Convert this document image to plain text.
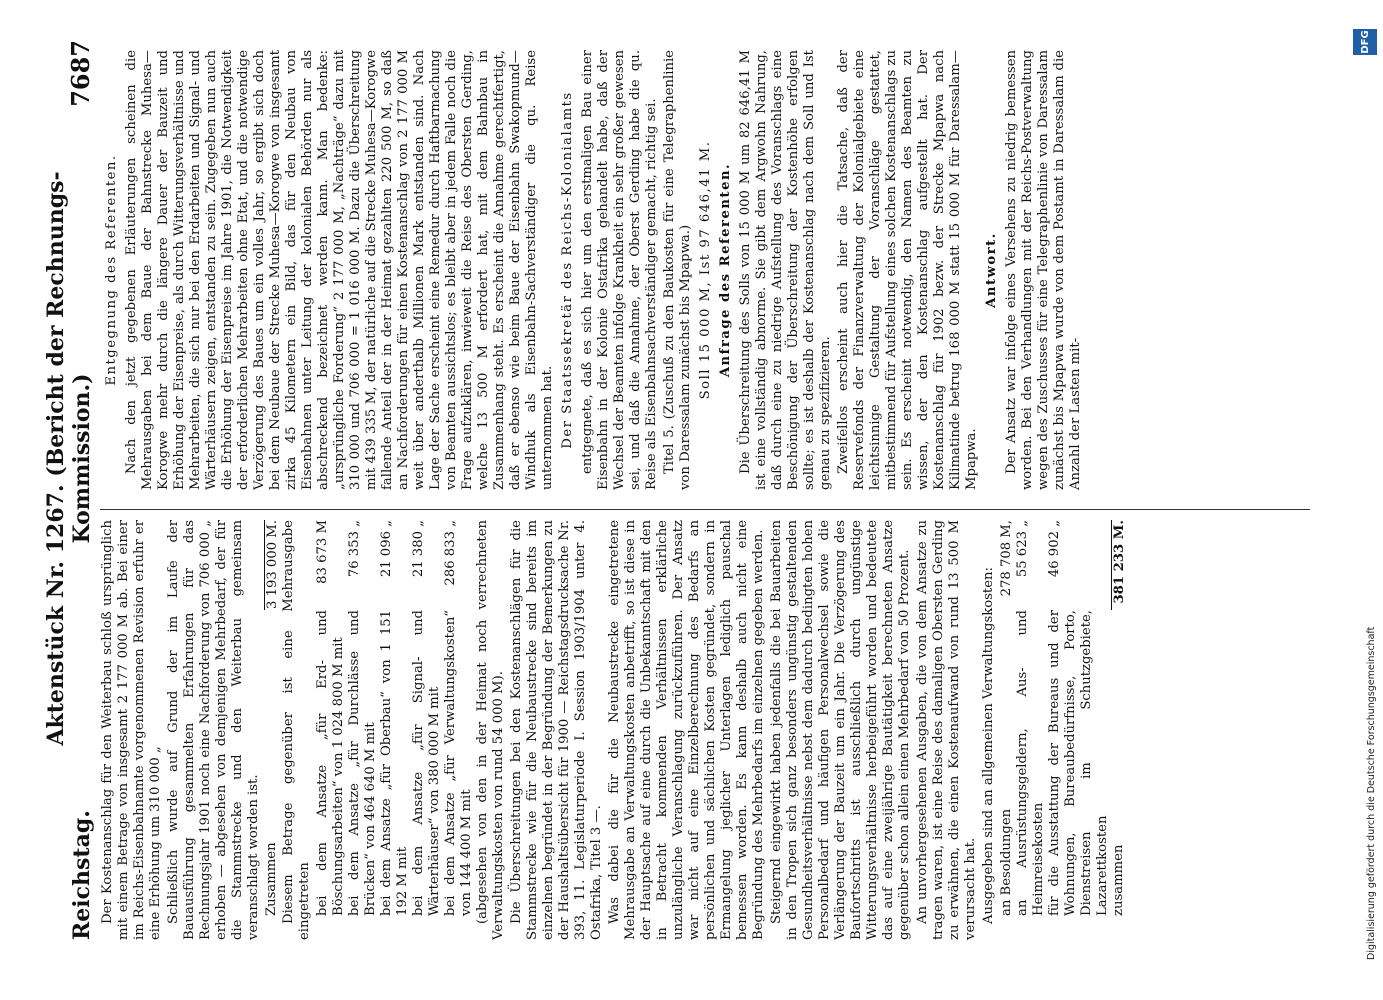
Reichstag.
Aktenstück Nr. 1267. (Bericht der Rechnungs-Kommission.)
7687

Der Kostenanschlag für den Weiterbau schloß ursprünglich mit einem Betrage von insgesamt 2 177 000 M ab. Bei einer im Reichs-Eisenbahnamte vorgenommenen Revision erfuhr er eine Erhöhung um 310 000 „ Schließlich wurde auf Grund der im Laufe der Bauausführung gesammelten Erfahrungen für das Rechnungsjahr 1901 noch eine Nachforderung von 706 000 „ erhoben — abgesehen von demjenigen Mehrbedarf, der für die Stammstrecke und den Weiterbau gemeinsam veranschlagt worden ist. Zusammen
3 193 000 M. Diesem Betrage gegenüber ist eine Mehrausgabe eingetreten bei dem Ansatze „für Erd- und Böschungsarbeiten“ von 1 024 800 M mit
83 673 M
bei dem Ansatze „für Durchlässe und Brücken“ von 464 640 M mit
76 353 „
bei dem Ansatze „für Oberbau“ von 1 151 192 M mit
21 096 „
bei dem Ansatze „für Signal- und Wärterhäuser“ von 380 000 M mit
21 380 „
bei dem Ansatze „für Verwaltungskosten“ von 144 400 M mit
286 833 „	(abgesehen von den in der Heimat noch verrechneten Verwaltungskosten von rund 54 000 M). Die Überschreitungen bei den Kostenanschlägen für die Stammstrecke wie für die Neubaustrecke sind bereits im einzelnen begründet in der Begründung der Bemerkungen zu der Haushaltsübersicht für 1900 — Reichstagsdrucksache Nr. 393, 11. Legislaturperiode I. Session 1903/1904 unter 4. Ostafrika, Titel 3 —. Was dabei die für die Neubaustrecke eingetretene Mehrausgabe an Verwaltungskosten anbetrifft, so ist diese in der Hauptsache auf eine durch die Unbekanntschaft mit den in Betracht kommenden Verhältnissen erklärliche unzulängliche Veranschlagung zurückzuführen. Der Ansatz war nicht auf eine Einzelberechnung des Bedarfs an persönlichen und sächlichen Kosten gegründet, sondern in Ermangelung jeglicher Unterlagen lediglich pauschal bemessen worden. Es kann deshalb auch nicht eine Begründung des Mehrbedarfs im einzelnen gegeben werden. Steigernd eingewirkt haben jedenfalls die bei Bauarbeiten in den Tropen sich ganz besonders ungünstig gestaltenden Gesundheitsverhältnisse nebst dem dadurch bedingten hohen Personalbedarf und häufigen Personalwechsel sowie die Verlängerung der Bauzeit um ein Jahr. Die Verzögerung des Baufortschritts ist ausschließlich durch ungünstige Witterungsverhältnisse herbeigeführt worden und bedeutete das auf eine zweijährige Bautätigkeit berechneten Ansatze gegenüber schon allein einen Mehrbedarf von 50 Prozent. An unvorhergesehenen Ausgaben, die von dem Ansatze zu tragen waren, ist eine Reise des damaligen Obersten Gerding zu erwähnen, die einen Kostenaufwand von rund 13 500 M verursacht hat. Ausgegeben sind an allgemeinen Verwaltungskosten: an Besoldungen
278 708 M,
an Ausrüstungsgeldern, Aus- und Heimreisekosten
55 623 „
für die Ausstattung der Bureaus und der Wohnungen, Bureaubedürfnisse, Porto, Dienstreisen im Schutzgebiete, Lazarettkosten
46 902 „
zusammen
381 233 M.

Entgegnung des Referenten. Nach den jetzt gegebenen Erläuterungen scheinen die Mehrausgaben bei dem Baue der Bahnstrecke Muhesa—Korogwe mehr durch die längere Dauer der Bauzeit und Erhöhung der Eisenpreise, als durch Witterungsverhältnisse und Mehrarbeiten, die sich nur bei den Erdarbeiten und Signal- und Wärterhäusern zeigen, entstanden zu sein. Zugegeben nun auch die Erhöhung der Eisenpreise im Jahre 1901, die Notwendigkeit der erforderlichen Mehrarbeiten ohne Etat, und die notwendige Verzögerung des Baues um ein volles Jahr, so ergibt sich doch bei dem Neubaue der Strecke Muhesa—Korogwe von insgesamt zirka 45 Kilometern ein Bild, das für den Neubau von Eisenbahnen unter Leitung der kolonialen Behörden nur als abschreckend bezeichnet werden kann. Man bedenke: „ursprüngliche Forderung“ 2 177 000 M, „Nachträge“ dazu mit 310 000 und 706 000 = 1 016 000 M. Dazu die Überschreitung mit 439 335 M, der natürliche auf die Strecke Muhesa—Korogwe fallende Anteil der in der Heimat gezahlten 220 500 M, so daß an Nachforderungen für einen Kostenanschlag von 2 177 000 M weit über anderthalb Millionen Mark entstanden sind. Nach Lage der Sache erscheint eine Remedur durch Haftbarmachung von Beamten aussichtslos; es bleibt aber in jedem Falle noch die Frage aufzuklären, inwieweit die Reise des Obersten Gerding, welche 13 500 M erfordert hat, mit dem Bahnbau in Zusammenhang steht. Es erscheint die Annahme gerechtfertigt, daß er ebenso wie beim Baue der Eisenbahn Swakopmund—Windhuk als Eisenbahn-Sachverständiger die qu. Reise unternommen hat. Der Staatssekretär des Reichs-Kolonialamts entgegnete, daß es sich hier um den erstmaligen Bau einer Eisenbahn in der Kolonie Ostafrika gehandelt habe, daß der Wechsel der Beamten infolge Krankheit ein sehr großer gewesen sei, und daß die Annahme, der Oberst Gerding habe die qu. Reise als Eisenbahnsachverständiger gemacht, richtig sei. Titel 5. (Zuschuß zu den Baukosten für eine Telegraphenlinie von Daressalam zunächst bis Mpapwa.) Soll 15 000 M, Ist 97 646,41 M. Anfrage des Referenten. Die Überschreitung des Solls von 15 000 M um 82 646,41 M ist eine vollständig abnorme. Sie gibt dem Argwohn Nahrung, daß durch eine zu niedrige Aufstellung des Voranschlags eine Beschönigung der Überschreitung der Kostenhöhe erfolgen sollte; es ist deshalb der Kostenanschlag nach dem Soll und Ist genau zu spezifizieren. Zweifellos erscheint auch hier die Tatsache, daß der Reservefonds der Finanzverwaltung der Kolonialgebiete eine leichtsinnige Gestaltung der Voranschläge gestattet, mitbestimmend für Aufstellung eines solchen Kostenanschlags zu sein. Es erscheint notwendig, den Namen des Beamten zu wissen, der den Kostenanschlag aufgestellt hat. Der Kostenanschlag für 1902 bezw. der Strecke Mpapwa nach Kilimatinde betrug 168 000 M statt 15 000 M für Daressalam—Mpapwa.

Antwort. Der Ansatz war infolge eines Versehens zu niedrig bemessen worden. Bei den Verhandlungen mit der Reichs-Postverwaltung wegen des Zuschusses für eine Telegraphenlinie von Daressalam zunächst bis Mpapwa wurde von dem Postamt in Daressalam die Anzahl der Lasten mit-

DFG
Digitalisierung gefördert durch die Deutsche Forschungsgemeinschaft
